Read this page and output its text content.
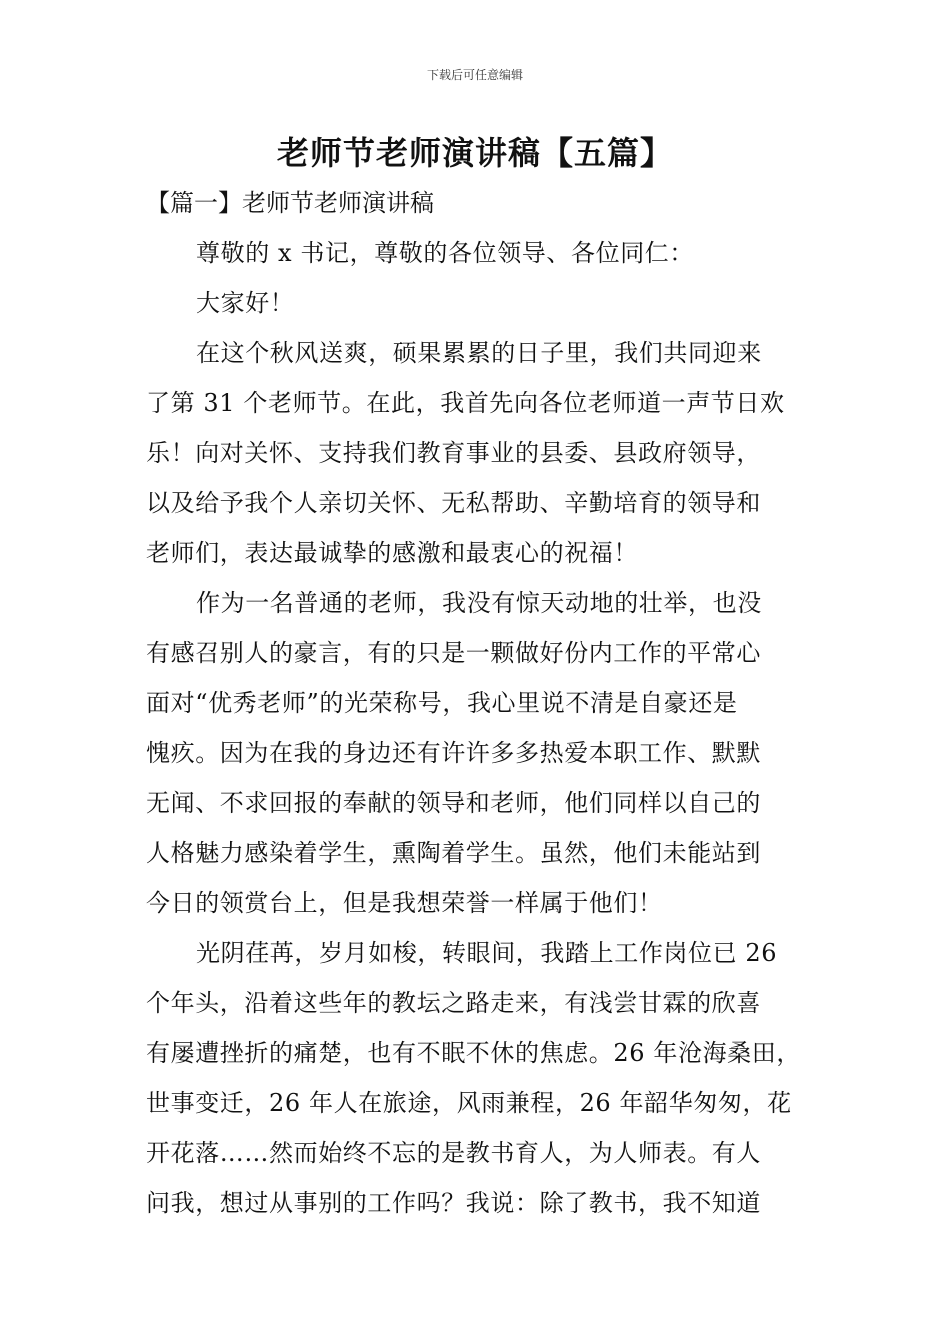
下载后可任意编辑
老师节老师演讲稿【五篇】
【篇一】老师节老师演讲稿
尊敬的 x 书记，尊敬的各位领导、各位同仁：
大家好！
在这个秋风送爽，硕果累累的日子里，我们共同迎来
了第 31 个老师节。在此，我首先向各位老师道一声节日欢
乐！向对关怀、支持我们教育事业的县委、县政府领导，
以及给予我个人亲切关怀、无私帮助、辛勤培育的领导和
老师们，表达最诚挚的感激和最衷心的祝福！
作为一名普通的老师，我没有惊天动地的壮举，也没
有感召别人的豪言，有的只是一颗做好份内工作的平常心
面对“优秀老师”的光荣称号，我心里说不清是自豪还是
愧疚。因为在我的身边还有许许多多热爱本职工作、默默
无闻、不求回报的奉献的领导和老师，他们同样以自己的
人格魅力感染着学生，熏陶着学生。虽然，他们未能站到
今日的领赏台上，但是我想荣誉一样属于他们！
光阴荏苒，岁月如梭，转眼间，我踏上工作岗位已 26
个年头，沿着这些年的教坛之路走来，有浅尝甘霖的欣喜
有屡遭挫折的痛楚，也有不眠不休的焦虑。26 年沧海桑田，
世事变迁，26 年人在旅途，风雨兼程，26 年韶华匆匆，花
开花落……然而始终不忘的是教书育人，为人师表。有人
问我，想过从事别的工作吗？我说：除了教书，我不知道
